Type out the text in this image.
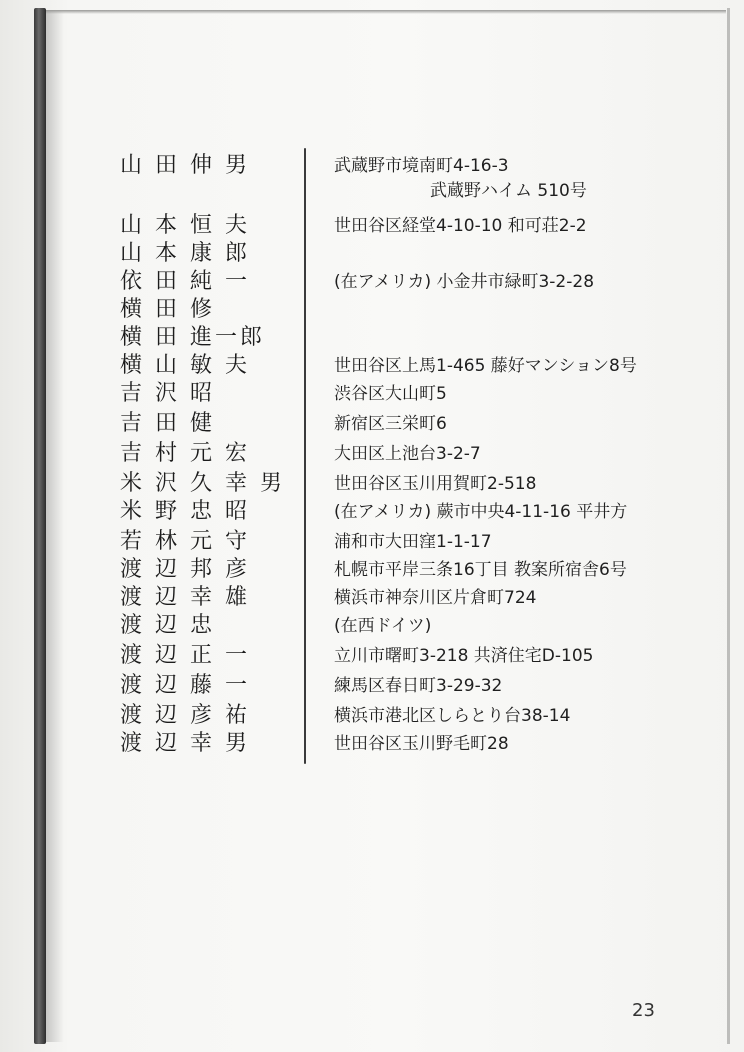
山 田 伸 男	武蔵野市境南町4-16-3
武蔵野ハイム 510号
山 本 恒 夫	世田谷区経堂4-10-10 和可荘2-2
山 本 康 郎
依 田 純 一	(在アメリカ) 小金井市緑町3-2-28
横 田 修
横 田 進一郎
横 山 敏 夫	世田谷区上馬1-465 藤好マンション8号
吉 沢 昭	渋谷区大山町5
吉 田 健	新宿区三栄町6
吉 村 元 宏	大田区上池台3-2-7
米 沢 久 幸 男	世田谷区玉川用賀町2-518
米 野 忠 昭	(在アメリカ) 蕨市中央4-11-16 平井方
若 林 元 守	浦和市大田窪1-1-17
渡 辺 邦 彦	札幌市平岸三条16丁目 教案所宿舎6号
渡 辺 幸 雄	横浜市神奈川区片倉町724
渡 辺 忠	(在西ドイツ)
渡 辺 正 一	立川市曙町3-218 共済住宅D-105
渡 辺 藤 一	練馬区春日町3-29-32
渡 辺 彦 祐	横浜市港北区しらとり台38-14
渡 辺 幸 男	世田谷区玉川野毛町28
23
